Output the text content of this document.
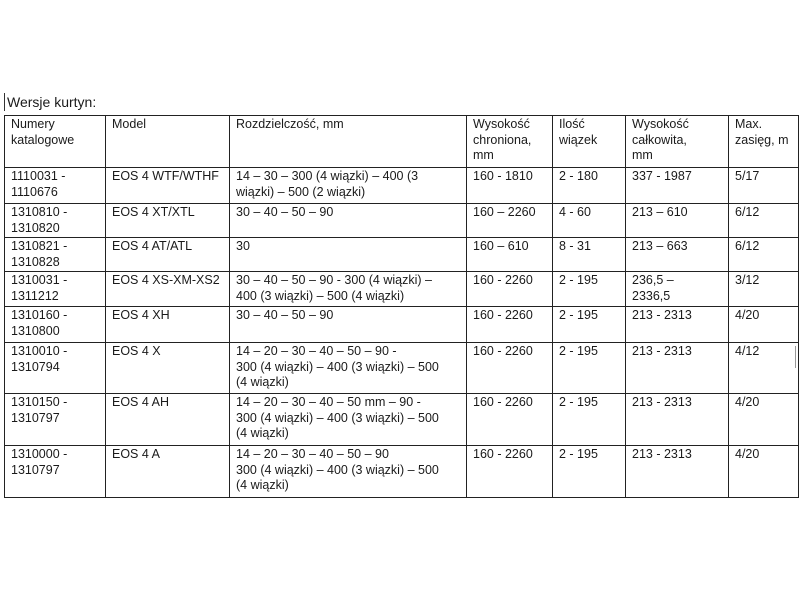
Wersje kurtyn:
Numery
katalogowe	Model	Rozdzielczość, mm	Wysokość
chroniona,
mm	Ilość
wiązek	Wysokość
całkowita,
mm	Max.
zasięg, m
1110031 -
1110676	EOS 4 WTF/WTHF	14 – 30 – 300 (4 wiązki) – 400 (3
wiązki) – 500 (2 wiązki)	160 - 1810	2 - 180	337 - 1987	5/17
1310810 -
1310820	EOS 4 XT/XTL	30 – 40 – 50 – 90	160 – 2260	4 - 60	213 – 610	6/12
1310821 -
1310828	EOS 4 AT/ATL	30	160 – 610	8 - 31	213 – 663	6/12
1310031 -
1311212	EOS 4 XS-XM-XS2	30 – 40 – 50 – 90 - 300 (4 wiązki) –
400 (3 wiązki) – 500 (4 wiązki)	160 - 2260	2 - 195	236,5 –
2336,5	3/12
1310160 -
1310800	EOS 4 XH	30 – 40 – 50 – 90	160 - 2260	2 - 195	213 - 2313	4/20
1310010 -
1310794	EOS 4 X	14 – 20 – 30 – 40 – 50 – 90 -
300 (4 wiązki) – 400 (3 wiązki) – 500
(4 wiązki)	160 - 2260	2 - 195	213 - 2313	4/12
1310150 -
1310797	EOS 4 AH	14 – 20 – 30 – 40 – 50 mm – 90 -
300 (4 wiązki) – 400 (3 wiązki) – 500
(4 wiązki)	160 - 2260	2 - 195	213 - 2313	4/20
1310000 -
1310797	EOS 4 A	14 – 20 – 30 – 40 – 50 – 90
300 (4 wiązki) – 400 (3 wiązki) – 500
(4 wiązki)	160 - 2260	2 - 195	213 - 2313	4/20
